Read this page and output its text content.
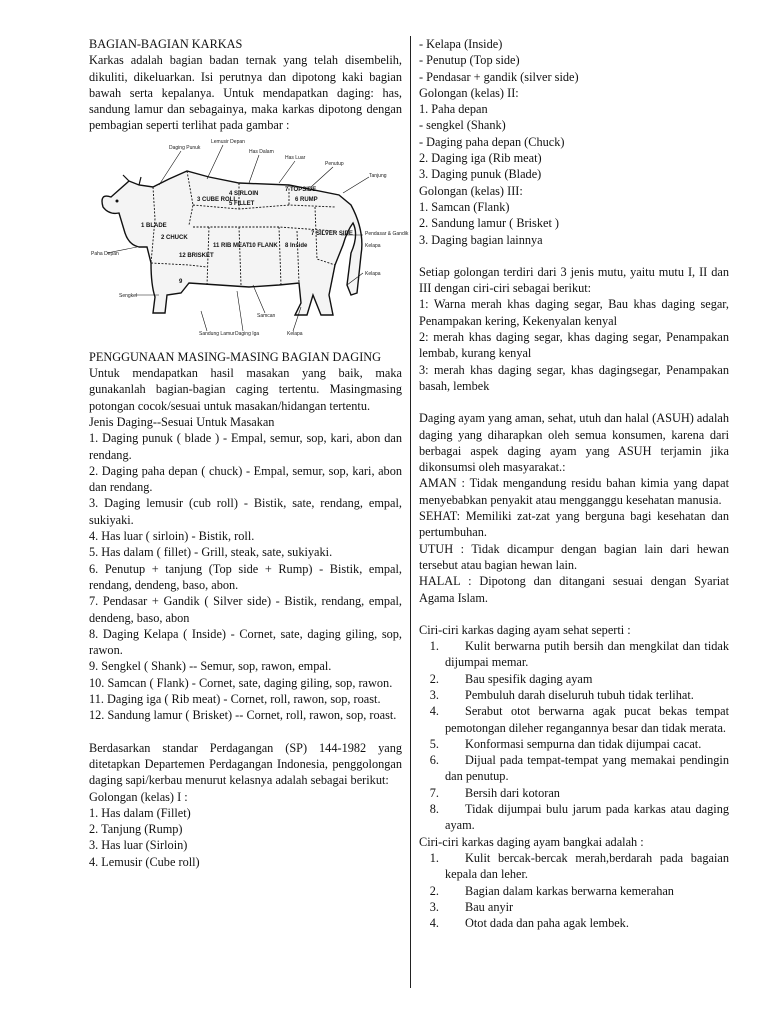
BAGIAN-BAGIAN KARKAS

Karkas adalah bagian badan ternak yang telah disembelih, dikuliti, dikeluarkan. Isi perutnya dan dipotong kaki bagian bawah serta kepalanya. Untuk mendapatkan daging: has, sandung lamur dan sebagainya, maka karkas dipotong dengan pembagian seperti terlihat pada gambar :

1 BLADE
2 CHUCK
3 CUBE ROLL
4 SIRLOIN
5 FILLET
6 RUMP
7 TOPSIDE
7 SILVER SIDE
8 Inside
9
10 FLANK
11 RIB MEAT
12 BRISKET
Daging Punuk
Lemusir Depan
Has Dalam
Has Luar
Penutup
Tanjung
Paha Depan
Pendasar & Gandik
Kelapa
Kelapa
Sengkel
Samcan
Sandung Lamur Daging Iga	Kelapa
PENGGUNAAN MASING-MASING BAGIAN DAGING

Untuk mendapatkan hasil masakan yang baik, maka gunakanlah bagian-bagian caging tertentu. Masingmasing potongan cocok/sesuai untuk masakan/hidangan tertentu.

Jenis Daging--Sesuai Untuk Masakan

1. Daging punuk ( blade ) - Empal, semur, sop, kari, abon dan rendang.
2. Daging paha depan ( chuck) - Empal, semur, sop, kari, abon dan rendang.
3. Daging lemusir (cub roll) - Bistik, sate, rendang, empal, sukiyaki.
4. Has luar ( sirloin) - Bistik, roll.
5. Has dalam ( fillet) - Grill, steak, sate, sukiyaki.
6. Penutup + tanjung (Top side + Rump) - Bistik, empal, rendang, dendeng, baso, abon.
7. Pendasar + Gandik ( Silver side) - Bistik, rendang, empal, dendeng, baso, abon
8. Daging Kelapa ( Inside) - Cornet, sate, daging giling, sop, rawon.
9. Sengkel ( Shank) -- Semur, sop, rawon, empal.
10. Samcan ( Flank) - Cornet, sate, daging giling, sop, rawon.
11. Daging iga ( Rib meat) - Cornet, roll, rawon, sop, roast.
12. Sandung lamur ( Brisket) -- Cornet, roll, rawon, sop, roast.

Berdasarkan standar Perdagangan (SP) 144-1982 yang ditetapkan Departemen Perdagangan Indonesia, penggolongan daging sapi/kerbau menurut kelasnya adalah sebagai berikut:

Golongan (kelas) I :

1. Has dalam (Fillet)
2. Tanjung (Rump)
3. Has luar (Sirloin)
4. Lemusir (Cube roll)
- Kelapa (Inside)
- Penutup (Top side)
- Pendasar + gandik (silver side)

Golongan (kelas) II:

1. Paha depan
- sengkel (Shank)
- Daging paha depan (Chuck)
2. Daging iga (Rib meat)
3. Daging punuk (Blade)

Golongan (kelas) III:

1. Samcan (Flank)
2. Sandung lamur ( Brisket )
3. Daging bagian lainnya

Setiap golongan terdiri dari 3 jenis mutu, yaitu mutu I, II dan III dengan ciri-ciri sebagai berikut:

1: Warna merah khas daging segar, Bau khas daging segar, Penampakan kering, Kekenyalan kenyal
2: merah khas daging segar, khas daging segar, Penampakan lembab, kurang kenyal
3: merah khas daging segar, khas dagingsegar, Penampakan basah, lembek

Daging ayam yang aman, sehat, utuh dan halal (ASUH) adalah daging yang diharapkan oleh semua konsumen, karena dari berbagai aspek daging ayam yang ASUH terjamin jika dikonsumsi oleh masyarakat.:

AMAN : Tidak mengandung residu bahan kimia yang dapat menyebabkan penyakit atau mengganggu kesehatan manusia.
SEHAT: Memiliki zat-zat yang berguna bagi kesehatan dan pertumbuhan.
UTUH : Tidak dicampur dengan bagian lain dari hewan tersebut atau bagian hewan lain.
HALAL : Dipotong dan ditangani sesuai dengan Syariat Agama Islam.

Ciri-ciri karkas daging ayam sehat seperti :

1.	Kulit berwarna putih bersih dan mengkilat dan tidak dijumpai memar.
2.	Bau spesifik daging ayam
3.	Pembuluh darah diseluruh tubuh tidak terlihat.
4.	Serabut otot berwarna agak pucat bekas tempat pemotongan dileher regangannya besar dan tidak merata.
5.	Konformasi sempurna dan tidak dijumpai cacat.
6.	Dijual pada tempat-tempat yang memakai pendingin dan penutup.
7.	Bersih dari kotoran
8.	Tidak dijumpai bulu jarum pada karkas atau daging ayam.

Ciri-ciri karkas daging ayam bangkai adalah :

1.	Kulit bercak-bercak merah,berdarah pada bagaian kepala dan leher.
2.	Bagian dalam karkas berwarna kemerahan
3.	Bau anyir
4.	Otot dada dan paha agak lembek.
